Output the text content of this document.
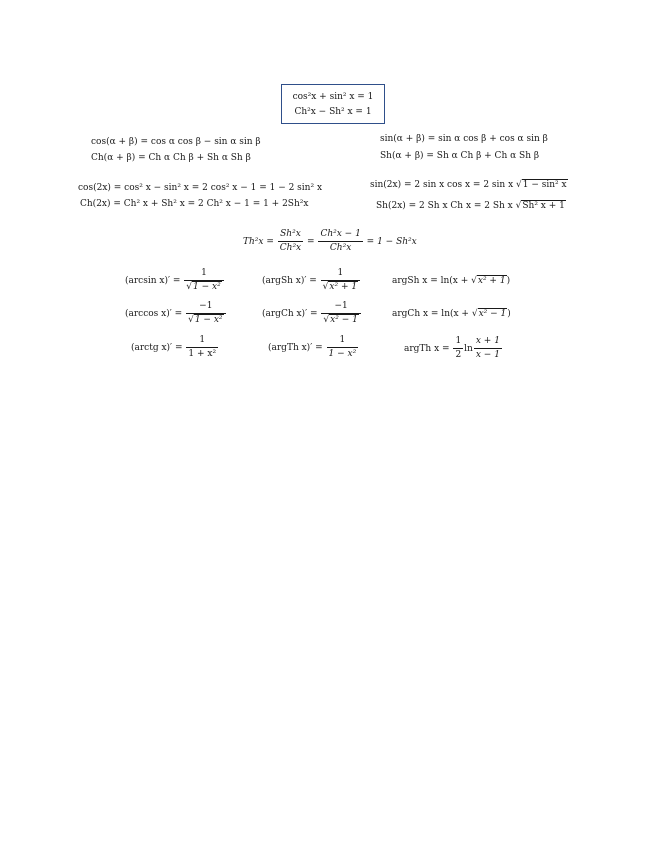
cos²x + sin² x = 1
Ch²x − Sh² x = 1
cos(α + β) = cos α cos β − sin α sin β
Ch(α + β) = Ch α Ch β + Sh α Sh β
sin(α + β) = sin α cos β + cos α sin β
Sh(α + β) = Sh α Ch β + Ch α Sh β
cos(2x) = cos² x − sin² x = 2 cos² x − 1 = 1 − 2 sin² x
Ch(2x) = Ch² x + Sh² x = 2 Ch² x − 1 = 1 + 2Sh²x
sin(2x) = 2 sin x cos x = 2 sin x √1 − sin² x
Sh(2x) = 2 Sh x Ch x = 2 Sh x √Sh² x + 1
$Th^2x = \frac{\text{Sh²x}}{\text{Ch²x}} = \frac{\text{Ch²x − 1}}{\text{Ch²x}} = 1 - Sh^2x$
(arcsin $x)' = \frac{1}{\text{√1 − x²}}$
(arccos $x)' = \frac{-1}{\text{√1 − x²}}$
(arctg $x)' = \frac{1}{\text{1 + x²}}$
(argSh $x)' = \frac{1}{\text{√x² + 1}}$
(argCh $x)' = \frac{-1}{\text{√x² − 1}}$
(argTh $x)' = \frac{1}{\text{1 − x²}}$
argSh x = ln(x + √x² + 1)
argCh x = ln(x + √x² − 1)
argTh $x = \frac{1}{2}$ $\ln \frac{x + 1}{x - 1}$
